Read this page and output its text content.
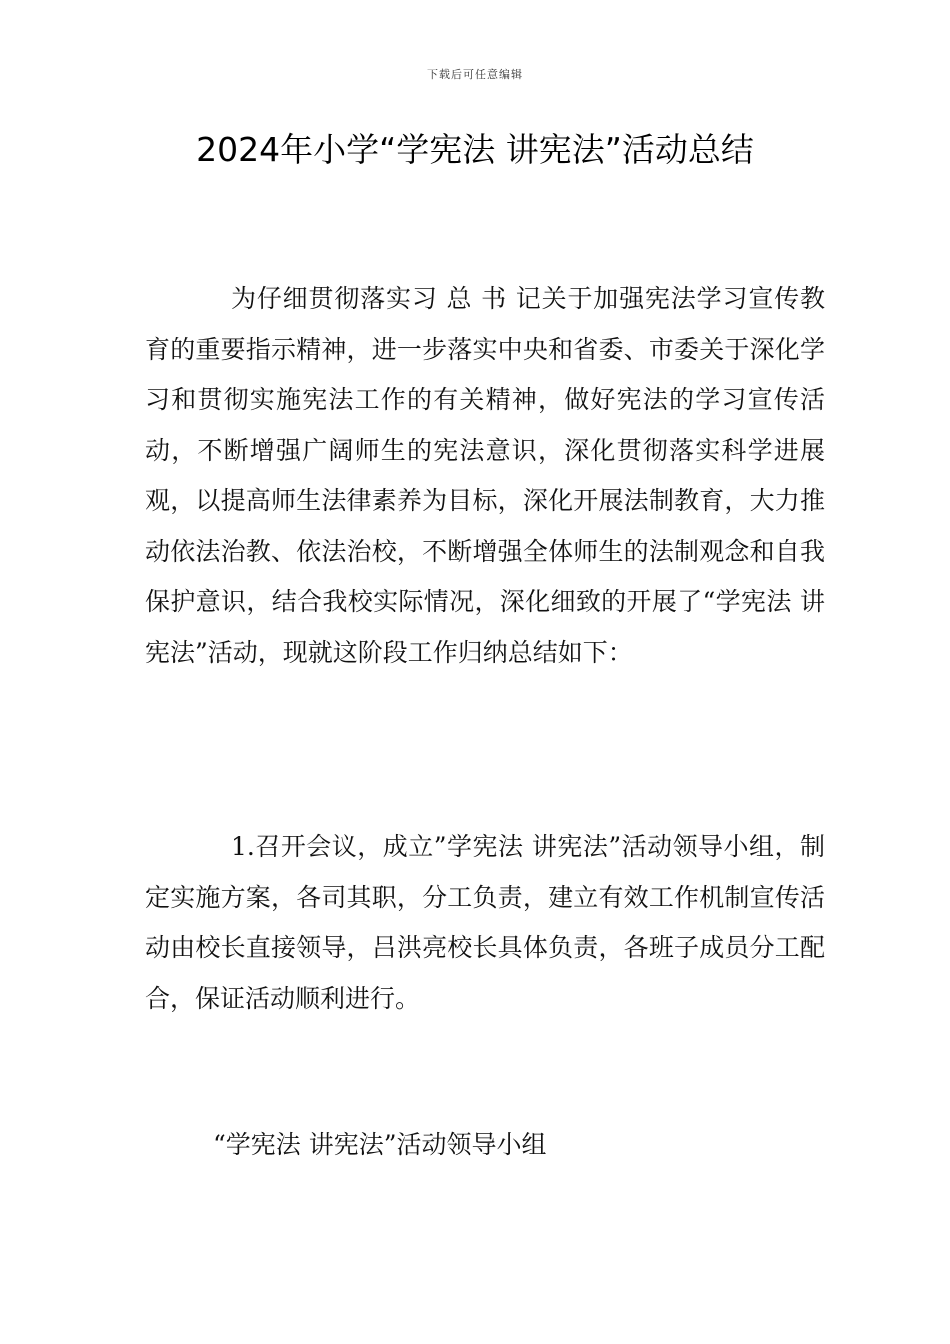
下载后可任意编辑
2024年小学“学宪法 讲宪法”活动总结

为仔细贯彻落实习 总 书 记关于加强宪法学习宣传教育的重要指示精神，进一步落实中央和省委、市委关于深化学习和贯彻实施宪法工作的有关精神，做好宪法的学习宣传活动，不断增强广阔师生的宪法意识，深化贯彻落实科学进展观，以提高师生法律素养为目标，深化开展法制教育，大力推动依法治教、依法治校，不断增强全体师生的法制观念和自我保护意识，结合我校实际情况，深化细致的开展了“学宪法 讲宪法”活动，现就这阶段工作归纳总结如下：

1.召开会议，成立”学宪法 讲宪法”活动领导小组，制定实施方案，各司其职，分工负责，建立有效工作机制宣传活动由校长直接领导，吕洪亮校长具体负责，各班子成员分工配合，保证活动顺利进行。

“学宪法 讲宪法”活动领导小组
